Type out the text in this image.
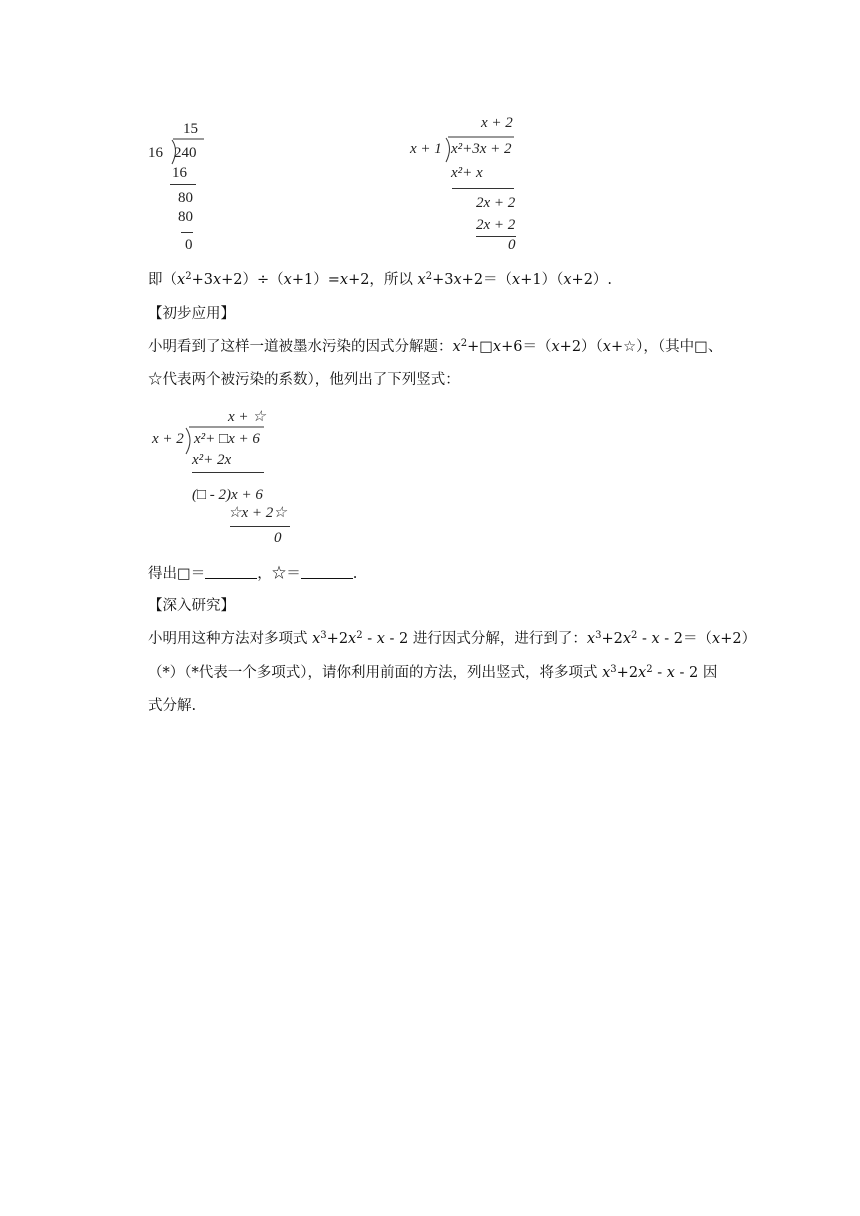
15
16 240
16
80
80
0
x + 2
x + 1 x²+3x + 2
x²+ x
2x + 2
2x + 2
0
即$(x^2+3x+2)\div(x+1)=x+2$，所以 $x^2+3x+2=(x+1)(x+2)$.
【初步应用】
小明看到了这样一道被墨水污染的因式分解题：$x^2+□x+6=(x+2)(x+☆)$，（其中□、
☆代表两个被污染的系数），他列出了下列竖式：
x + ☆
x + 2 x²+ □x + 6
x²+ 2x
(□ - 2)x + 6
☆x + 2☆
0
得出□＝	，☆＝	.
【深入研究】
小明用这种方法对多项式 $x^3+2x^2 - x - 2$ 进行因式分解，进行到了：$x^3+2x^2 - x - 2=(x+2)$
（*）（*代表一个多项式），请你利用前面的方法，列出竖式，将多项式 $x^3+2x^2 - x - 2$ 因
式分解.
